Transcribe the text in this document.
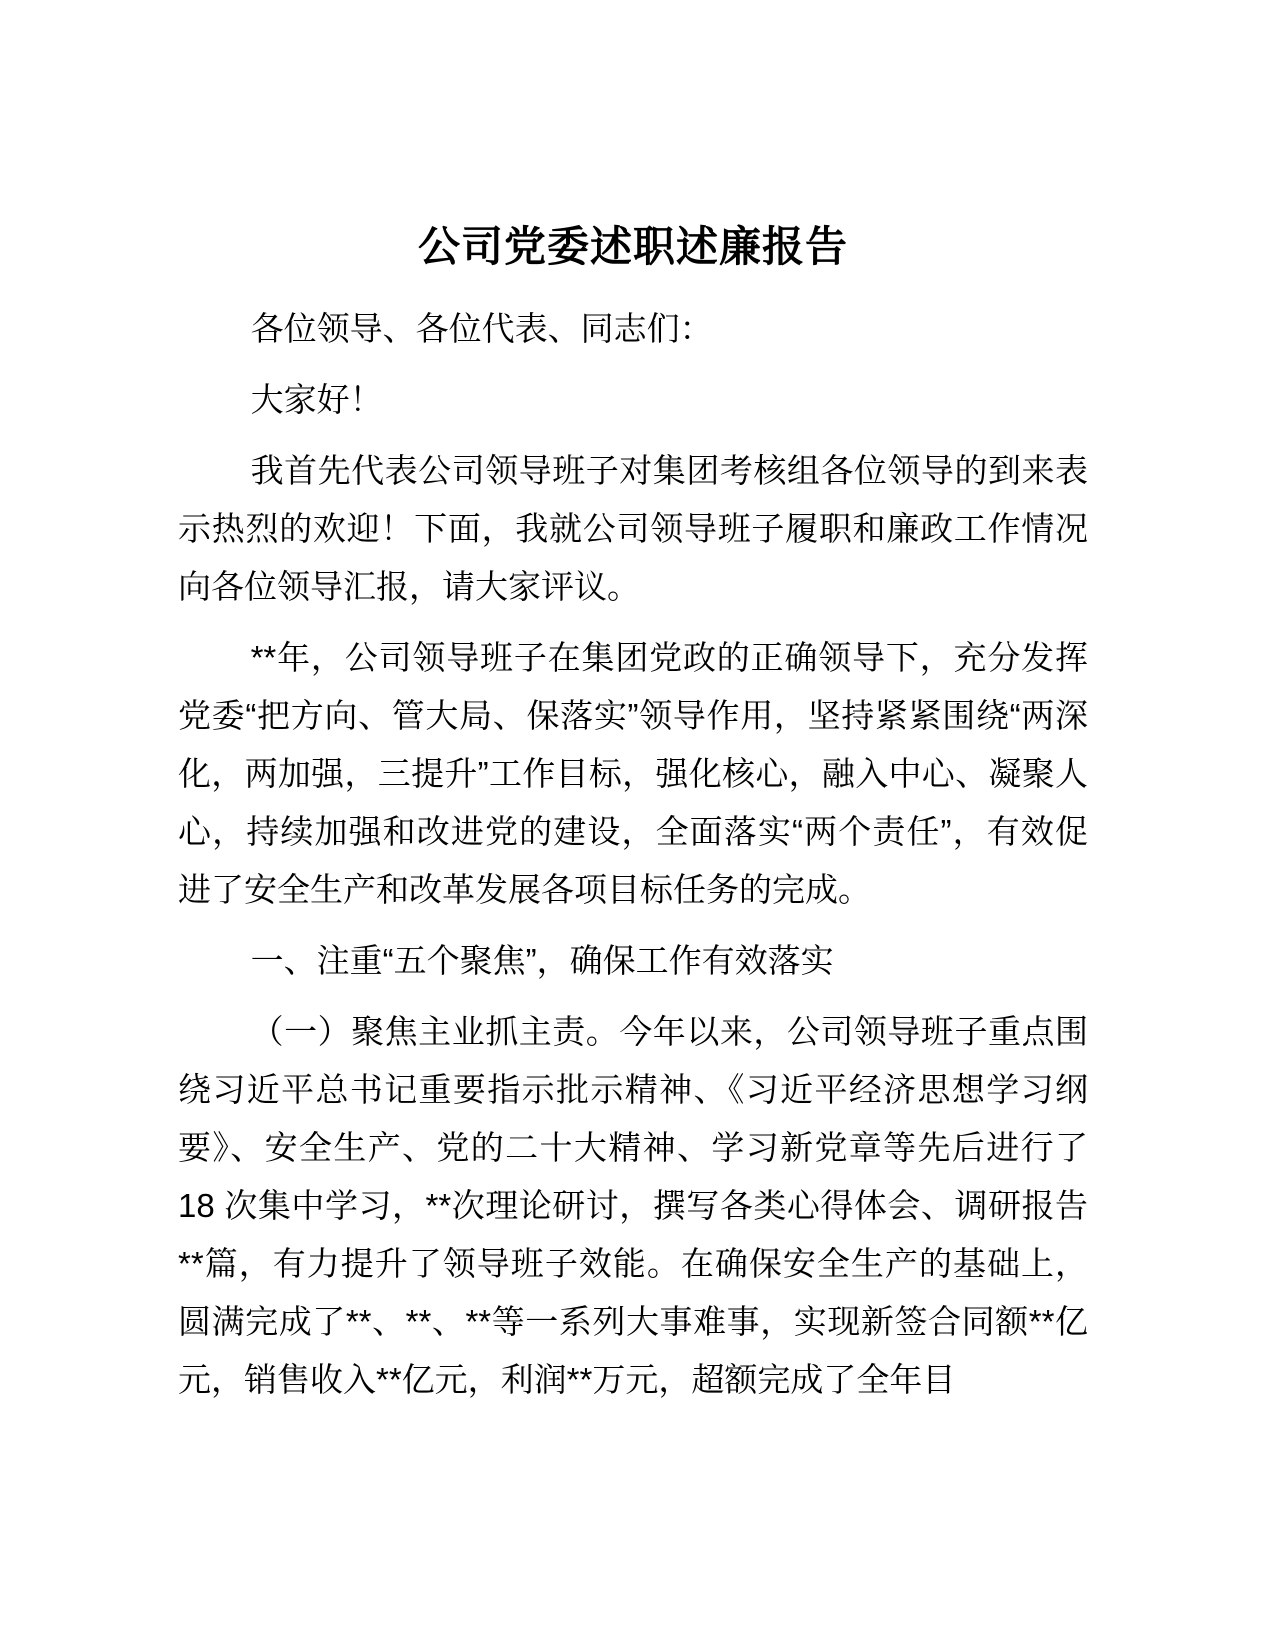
公司党委述职述廉报告

各位领导、各位代表、同志们：

大家好！

我首先代表公司领导班子对集团考核组各位领导的到来表示热烈的欢迎！下面，我就公司领导班子履职和廉政工作情况向各位领导汇报，请大家评议。

**年，公司领导班子在集团党政的正确领导下，充分发挥党委“把方向、管大局、保落实”领导作用，坚持紧紧围绕“两深化，两加强，三提升”工作目标，强化核心，融入中心、凝聚人心，持续加强和改进党的建设，全面落实“两个责任”，有效促进了安全生产和改革发展各项目标任务的完成。

一、注重“五个聚焦”，确保工作有效落实

（一）聚焦主业抓主责。今年以来，公司领导班子重点围绕习近平总书记重要指示批示精神、《习近平经济思想学习纲要》、安全生产、党的二十大精神、学习新党章等先后进行了 18 次集中学习，**次理论研讨，撰写各类心得体会、调研报告**篇，有力提升了领导班子效能。在确保安全生产的基础上，圆满完成了**、**、**等一系列大事难事，实现新签合同额**亿元，销售收入**亿元，利润**万元，超额完成了全年目
